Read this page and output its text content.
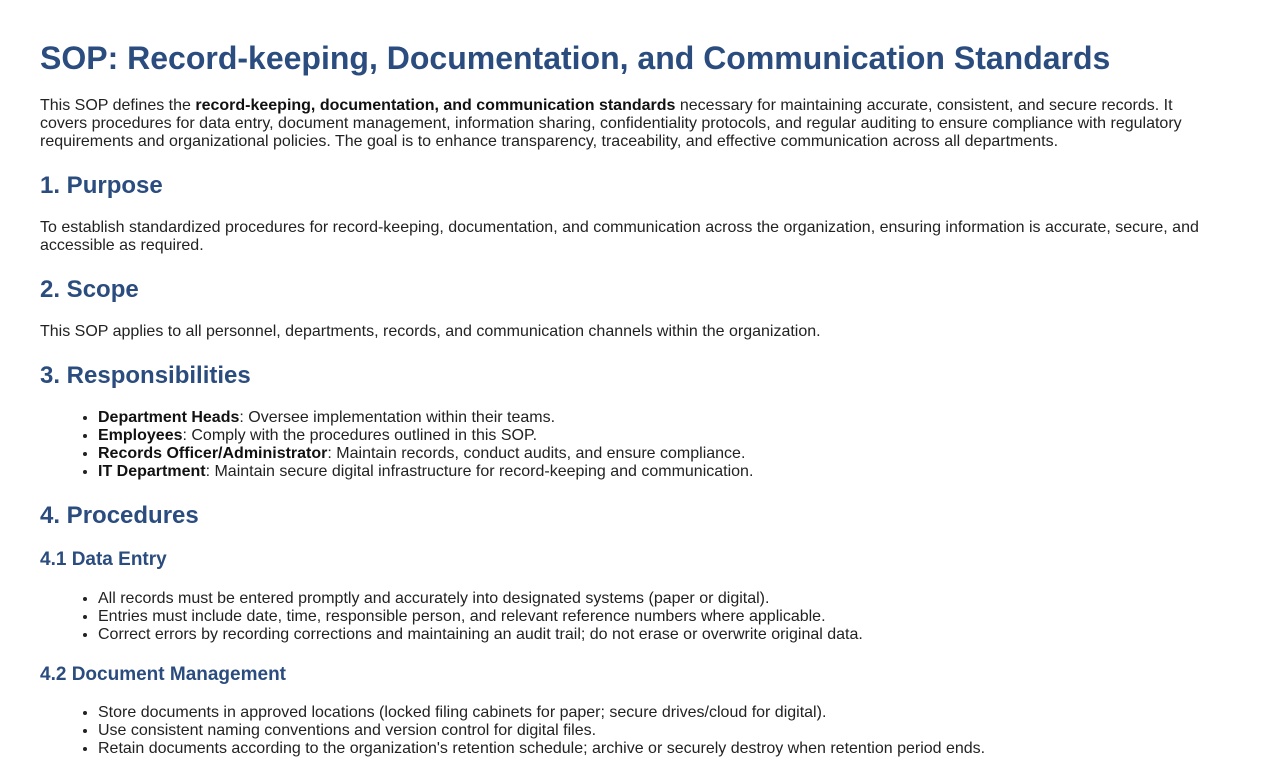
SOP: Record-keeping, Documentation, and Communication Standards

This SOP defines the record-keeping, documentation, and communication standards necessary for maintaining accurate, consistent, and secure records. It covers procedures for data entry, document management, information sharing, confidentiality protocols, and regular auditing to ensure compliance with regulatory requirements and organizational policies. The goal is to enhance transparency, traceability, and effective communication across all departments.

1. Purpose

To establish standardized procedures for record-keeping, documentation, and communication across the organization, ensuring information is accurate, secure, and accessible as required.

2. Scope

This SOP applies to all personnel, departments, records, and communication channels within the organization.

3. Responsibilities
• Department Heads: Oversee implementation within their teams.
• Employees: Comply with the procedures outlined in this SOP.
• Records Officer/Administrator: Maintain records, conduct audits, and ensure compliance.
• IT Department: Maintain secure digital infrastructure for record-keeping and communication.
4. Procedures
4.1 Data Entry
• All records must be entered promptly and accurately into designated systems (paper or digital).
• Entries must include date, time, responsible person, and relevant reference numbers where applicable.
• Correct errors by recording corrections and maintaining an audit trail; do not erase or overwrite original data.
4.2 Document Management
• Store documents in approved locations (locked filing cabinets for paper; secure drives/cloud for digital).
• Use consistent naming conventions and version control for digital files.
• Retain documents according to the organization's retention schedule; archive or securely destroy when retention period ends.
